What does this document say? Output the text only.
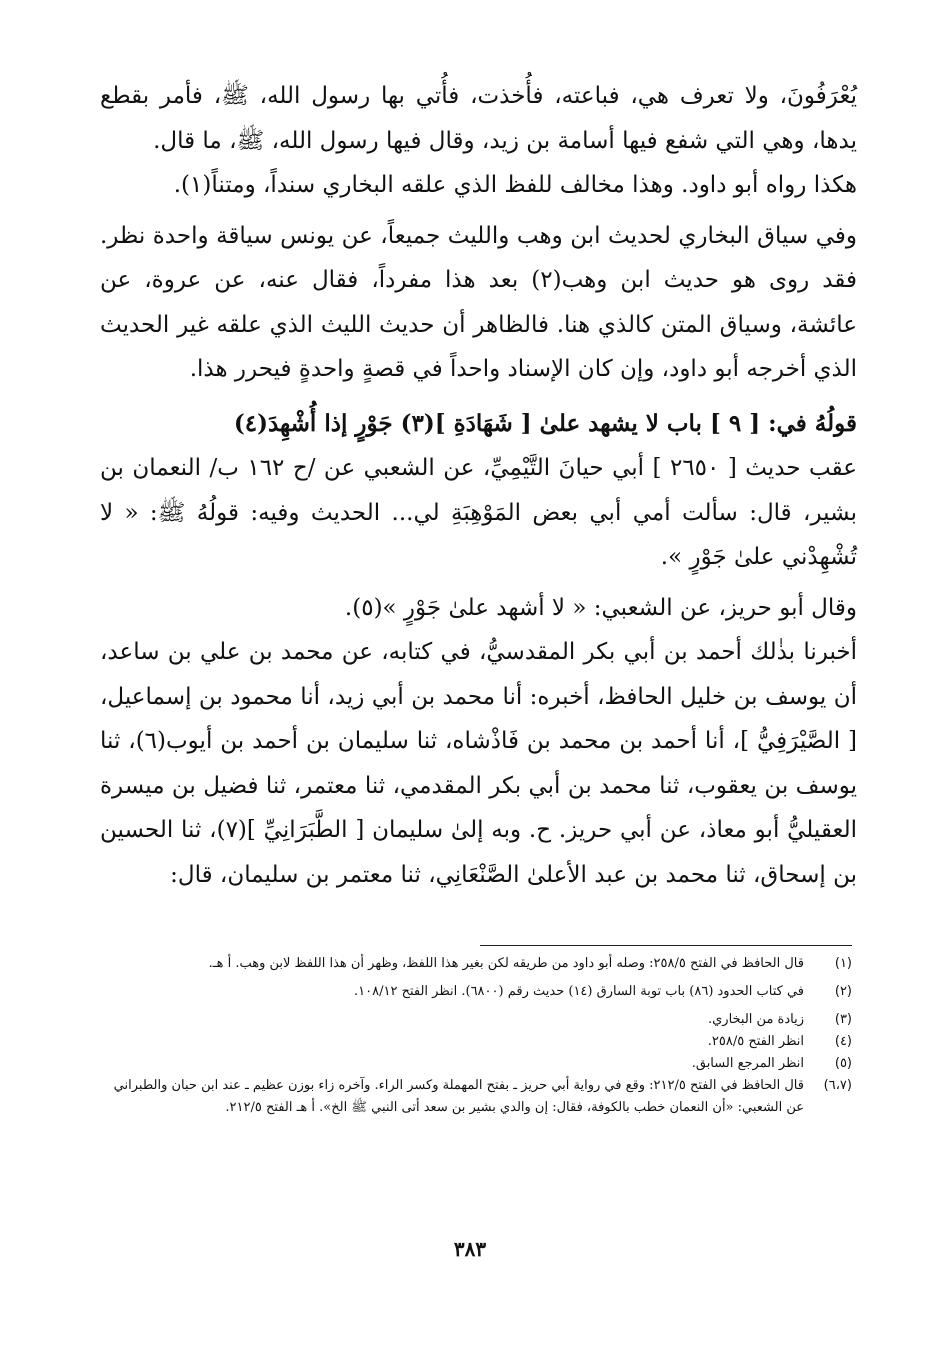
يُعْرَفُونَ، ولا تعرف هي، فباعته، فأُخذت، فأُتي بها رسول الله، ﷺ، فأمر بقطع يدها، وهي التي شفع فيها أسامة بن زيد، وقال فيها رسول الله، ﷺ، ما قال.

هكذا رواه أبو داود. وهذا مخالف للفظ الذي علقه البخاري سنداً، ومتناً(١).

وفي سياق البخاري لحديث ابن وهب والليث جميعاً، عن يونس سياقة واحدة نظر. فقد روى هو حديث ابن وهب(٢) بعد هذا مفرداً، فقال عنه، عن عروة، عن عائشة، وسياق المتن كالذي هنا. فالظاهر أن حديث الليث الذي علقه غير الحديث الذي أخرجه أبو داود، وإن كان الإسناد واحداً في قصةٍ واحدةٍ فيحرر هذا.

قولُهُ في: [ ٩ ] باب لا يشهد علىٰ [ شَهَادَةِ ](٣) جَوْرٍ إذا أُشْهِدَ(٤)

عقب حديث [ ٢٦٥٠ ] أبي حيانَ التَّيْمِيِّ، عن الشعبي عن /ح ١٦٢ ب/ النعمان بن بشير، قال: سألت أمي أبي بعض المَوْهِبَةِ لي... الحديث وفيه: قولُهُ ﷺ: « لا تُشْهِدْني علىٰ جَوْرٍ ».

وقال أبو حريز، عن الشعبي: « لا أشهد علىٰ جَوْرٍ »(٥).

أخبرنا بذٰلك أحمد بن أبي بكر المقدسيُّ، في كتابه، عن محمد بن علي بن ساعد، أن يوسف بن خليل الحافظ، أخبره: أنا محمد بن أبي زيد، أنا محمود بن إسماعيل، [ الصَّيْرَفِيُّ ]، أنا أحمد بن محمد بن فَاذْشاه، ثنا سليمان بن أحمد بن أيوب(٦)، ثنا يوسف بن يعقوب، ثنا محمد بن أبي بكر المقدمي، ثنا معتمر، ثنا فضيل بن ميسرة العقيليُّ أبو معاذ، عن أبي حريز. ح. وبه إلىٰ سليمان [ الطَّبَرَانِيِّ ](٧)، ثنا الحسين بن إسحاق، ثنا محمد بن عبد الأعلىٰ الصَّنْعَانِي، ثنا معتمر بن سليمان، قال:

(١)
قال الحافظ في الفتح ٢٥٨/٥: وصله أبو داود من طريقه لكن بغير هذا اللفظ، وظهر أن هذا اللفظ لابن وهب. أ هـ.
(٢)
في كتاب الحدود (٨٦) باب توبة السارق (١٤) حديث رقم (٦٨٠٠). انظر الفتح ١٠٨/١٢.
(٣)
زيادة من البخاري.
(٤)
انظر الفتح ٢٥٨/٥.
(٥)
انظر المرجع السابق.
(٦،٧)
قال الحافظ في الفتح ٢١٢/٥: وقع في رواية أبي حريز ـ بفتح المهملة وكسر الراء. وآخره زاء بوزن عظيم ـ عند ابن حبان والطبراني عن الشعبي: «أن النعمان خطب بالكوفة، فقال: إن والدي بشير بن سعد أتى النبي ﷺ الخ». أ هـ الفتح ٢١٢/٥.
٣٨٣
